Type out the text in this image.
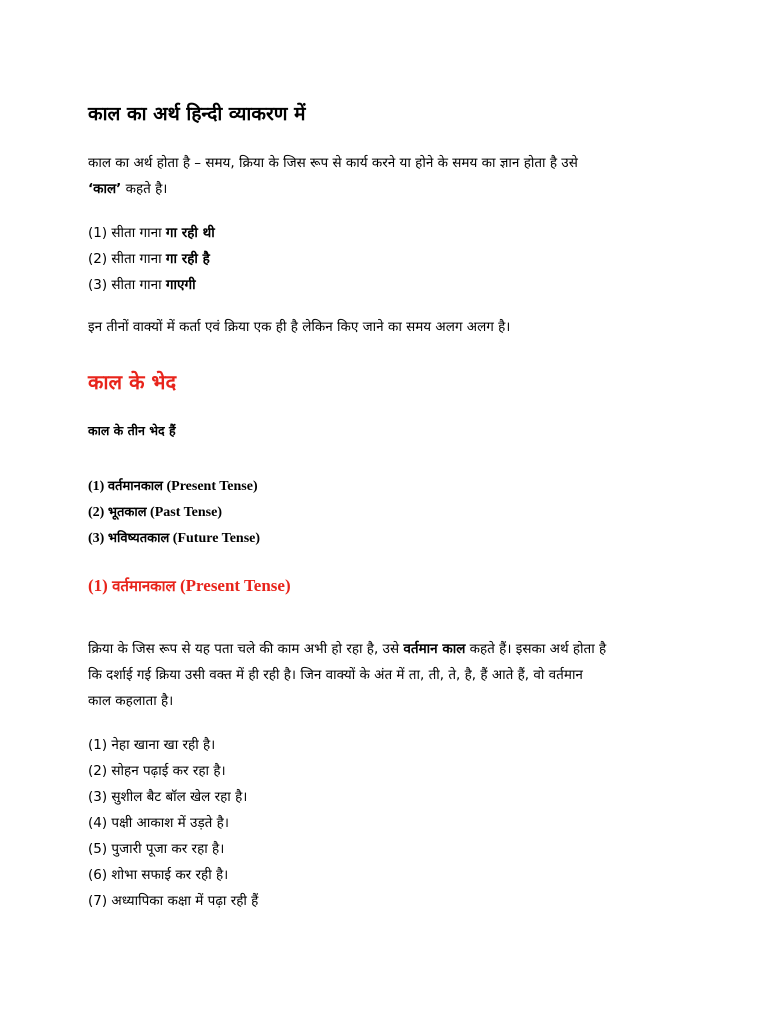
काल का अर्थ हिन्दी व्याकरण में
काल का अर्थ होता है – समय, क्रिया के जिस रूप से कार्य करने या होने के समय का ज्ञान होता है उसे
‘काल’ कहते है।
(1) सीता गाना गा रही थी
(2) सीता गाना गा रही है
(3) सीता गाना गाएगी
इन तीनों वाक्यों में कर्ता एवं क्रिया एक ही है लेकिन किए जाने का समय अलग अलग है।
काल के भेद
काल के तीन भेद हैं
(1) वर्तमानकाल (Present Tense)
(2) भूतकाल (Past Tense)
(3) भविष्यतकाल (Future Tense)
(1) वर्तमानकाल (Present Tense)
क्रिया के जिस रूप से यह पता चले की काम अभी हो रहा है, उसे वर्तमान काल कहते हैं। इसका अर्थ होता है
कि दर्शाई गई क्रिया उसी वक्त में ही रही है। जिन वाक्यों के अंत में ता, ती, ते, है, हैं आते हैं, वो वर्तमान
काल कहलाता है।
(1) नेहा खाना खा रही है।
(2) सोहन पढ़ाई कर रहा है।
(3) सुशील बैट बॉल खेल रहा है।
(4) पक्षी आकाश में उड़ते है।
(5) पुजारी पूजा कर रहा है।
(6) शोभा सफाई कर रही है।
(7) अध्यापिका कक्षा में पढ़ा रही हैं
